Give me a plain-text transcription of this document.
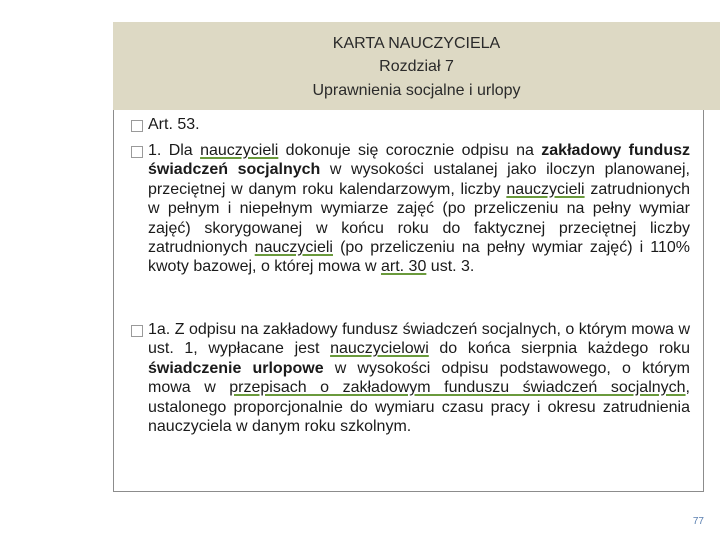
KARTA NAUCZYCIELA
Rozdział 7
Uprawnienia socjalne i urlopy
Art. 53.
1. Dla nauczycieli dokonuje się corocznie odpisu na zakładowy fundusz świadczeń socjalnych w wysokości ustalanej jako iloczyn planowanej, przeciętnej w danym roku kalendarzowym, liczby nauczycieli zatrudnionych w pełnym i niepełnym wymiarze zajęć (po przeliczeniu na pełny wymiar zajęć) skorygowanej w końcu roku do faktycznej przeciętnej liczby zatrudnionych nauczycieli (po przeliczeniu na pełny wymiar zajęć) i 110% kwoty bazowej, o której mowa w art. 30 ust. 3.
1a. Z odpisu na zakładowy fundusz świadczeń socjalnych, o którym mowa w ust. 1, wypłacane jest nauczycielowi do końca sierpnia każdego roku świadczenie urlopowe w wysokości odpisu podstawowego, o którym mowa w przepisach o zakładowym funduszu świadczeń socjalnych, ustalonego proporcjonalnie do wymiaru czasu pracy i okresu zatrudnienia nauczyciela w danym roku szkolnym.
77
